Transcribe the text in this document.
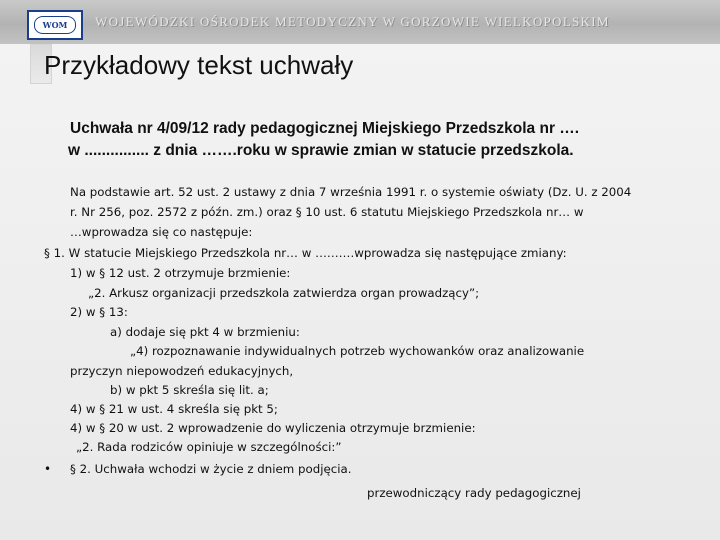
WOM	WOJEWÓDZKI OŚRODEK METODYCZNY W GORZOWIE WIELKOPOLSKIM
Przykładowy tekst uchwały
Uchwała nr 4/09/12 rady pedagogicznej Miejskiego Przedszkola nr ….
w ............... z dnia …….roku w sprawie zmian w statucie przedszkola.
Na podstawie art. 52 ust. 2 ustawy z dnia 7 września 1991 r. o systemie oświaty (Dz. U. z 2004
r. Nr 256, poz. 2572 z późn. zm.) oraz § 10 ust. 6 statutu Miejskiego Przedszkola nr… w
…wprowadza się co następuje:
§ 1. W statucie Miejskiego Przedszkola nr… w ……….wprowadza się następujące zmiany:
1) w § 12 ust. 2 otrzymuje brzmienie:
„2. Arkusz organizacji przedszkola zatwierdza organ prowadzący”;
2) w § 13:
a) dodaje się pkt 4 w brzmieniu:
„4) rozpoznawanie indywidualnych potrzeb wychowanków oraz analizowanie
przyczyn niepowodzeń edukacyjnych,
b) w pkt 5 skreśla się lit. a;
4) w § 21 w ust. 4 skreśla się pkt 5;
4) w § 20 w ust. 2 wprowadzenie do wyliczenia otrzymuje brzmienie:
„2. Rada rodziców opiniuje w szczególności:”
§ 2. Uchwała wchodzi w życie z dniem podjęcia.
przewodniczący rady pedagogicznej
•
